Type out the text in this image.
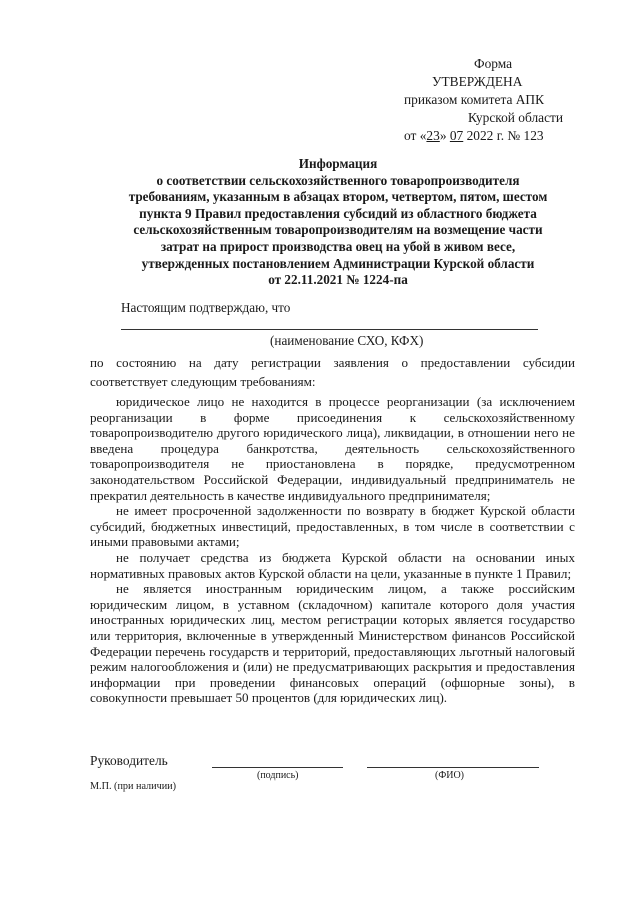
Форма
УТВЕРЖДЕНА
приказом комитета АПК
Курской области
от «23» 07 2022 г. № 123
Информация
о соответствии сельскохозяйственного товаропроизводителя
требованиям, указанным в абзацах втором, четвертом, пятом, шестом
пункта 9 Правил предоставления субсидий из областного бюджета
сельскохозяйственным товаропроизводителям на возмещение части
затрат на прирост производства овец на убой в живом весе,
утвержденных постановлением Администрации Курской области
от 22.11.2021 № 1224-па
Настоящим подтверждаю, что
(наименование СХО, КФХ)

по состоянию на дату регистрации заявления о предоставлении субсидии соответствует следующим требованиям:

юридическое лицо не находится в процессе реорганизации (за исключением реорганизации в форме присоединения к сельскохозяйственному товаропроизводителю другого юридического лица), ликвидации, в отношении него не введена процедура банкротства, деятельность сельскохозяйственного товаропроизводителя не приостановлена в порядке, предусмотренном законодательством Российской Федерации, индивидуальный предприниматель не прекратил деятельность в качестве индивидуального предпринимателя;

не имеет просроченной задолженности по возврату в бюджет Курской области субсидий, бюджетных инвестиций, предоставленных, в том числе в соответствии с иными правовыми актами;

не получает средства из бюджета Курской области на основании иных нормативных правовых актов Курской области на цели, указанные в пункте 1 Правил;

не является иностранным юридическим лицом, а также российским юридическим лицом, в уставном (складочном) капитале которого доля участия иностранных юридических лиц, местом регистрации которых является государство или территория, включенные в утвержденный Министерством финансов Российской Федерации перечень государств и территорий, предоставляющих льготный налоговый режим налогообложения и (или) не предусматривающих раскрытия и предоставления информации при проведении финансовых операций (офшорные зоны), в совокупности превышает 50 процентов (для юридических лиц).

Руководитель
(подпись)	(ФИО)
М.П. (при наличии)
